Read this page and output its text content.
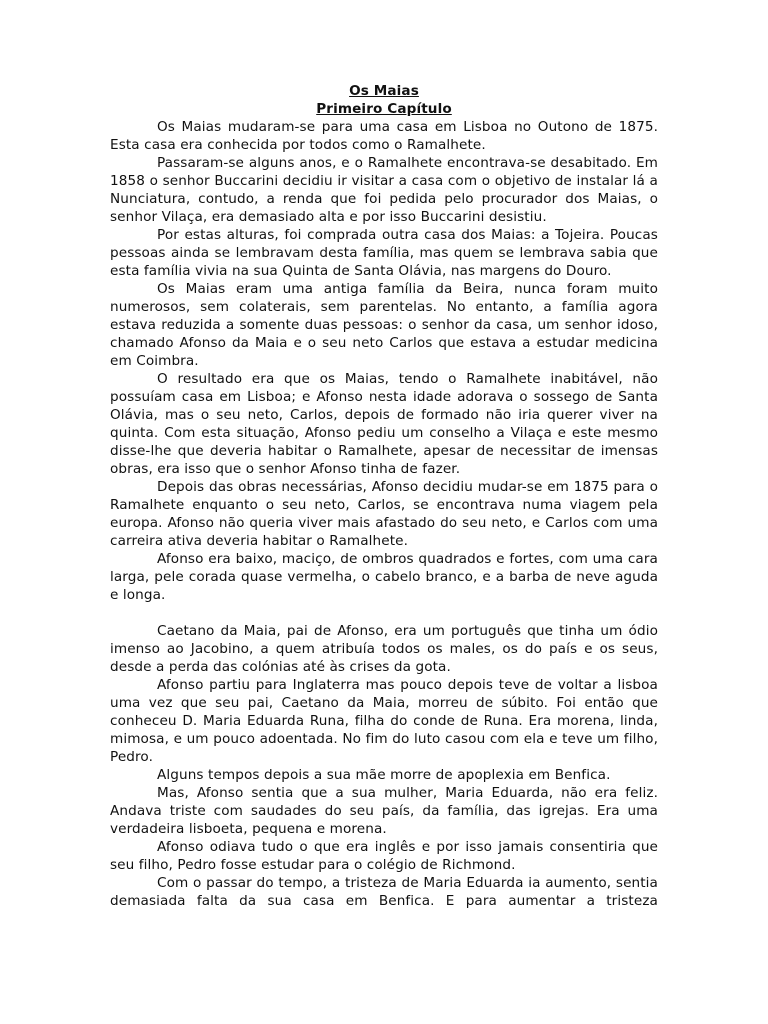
Os Maias

Primeiro Capítulo

Os Maias mudaram-se para uma casa em Lisboa no Outono de 1875. Esta casa era conhecida por todos como o Ramalhete.

Passaram-se alguns anos, e o Ramalhete encontrava-se desabitado. Em 1858 o senhor Buccarini decidiu ir visitar a casa com o objetivo de instalar lá a Nunciatura, contudo, a renda que foi pedida pelo procurador dos Maias, o senhor Vilaça, era demasiado alta e por isso Buccarini desistiu.

Por estas alturas, foi comprada outra casa dos Maias: a Tojeira. Poucas pessoas ainda se lembravam desta família, mas quem se lembrava sabia que esta família vivia na sua Quinta de Santa Olávia, nas margens do Douro.

Os Maias eram uma antiga família da Beira, nunca foram muito numerosos, sem colaterais, sem parentelas. No entanto, a família agora estava reduzida a somente duas pessoas: o senhor da casa, um senhor idoso, chamado Afonso da Maia e o seu neto Carlos que estava a estudar medicina em Coimbra.

O resultado era que os Maias, tendo o Ramalhete inabitável, não possuíam casa em Lisboa; e Afonso nesta idade adorava o sossego de Santa Olávia, mas o seu neto, Carlos, depois de formado não iria querer viver na quinta. Com esta situação, Afonso pediu um conselho a Vilaça e este mesmo disse-lhe que deveria habitar o Ramalhete, apesar de necessitar de imensas obras, era isso que o senhor Afonso tinha de fazer.

Depois das obras necessárias, Afonso decidiu mudar-se em 1875 para o Ramalhete enquanto o seu neto, Carlos, se encontrava numa viagem pela europa. Afonso não queria viver mais afastado do seu neto, e Carlos com uma carreira ativa deveria habitar o Ramalhete.

Afonso era baixo, maciço, de ombros quadrados e fortes, com uma cara larga, pele corada quase vermelha, o cabelo branco, e a barba de neve aguda e longa.

Caetano da Maia, pai de Afonso, era um português que tinha um ódio imenso ao Jacobino, a quem atribuía todos os males, os do país e os seus, desde a perda das colónias até às crises da gota.

Afonso partiu para Inglaterra mas pouco depois teve de voltar a lisboa uma vez que seu pai, Caetano da Maia, morreu de súbito. Foi então que conheceu D. Maria Eduarda Runa, filha do conde de Runa. Era morena, linda, mimosa, e um pouco adoentada. No fim do luto casou com ela e teve um filho, Pedro.

Alguns tempos depois a sua mãe morre de apoplexia em Benfica.

Mas, Afonso sentia que a sua mulher, Maria Eduarda, não era feliz. Andava triste com saudades do seu país, da família, das igrejas. Era uma verdadeira lisboeta, pequena e morena.

Afonso odiava tudo o que era inglês e por isso jamais consentiria que seu filho, Pedro fosse estudar para o colégio de Richmond.

Com o passar do tempo, a tristeza de Maria Eduarda ia aumento, sentia demasiada falta da sua casa em Benfica. E para aumentar a tristeza
